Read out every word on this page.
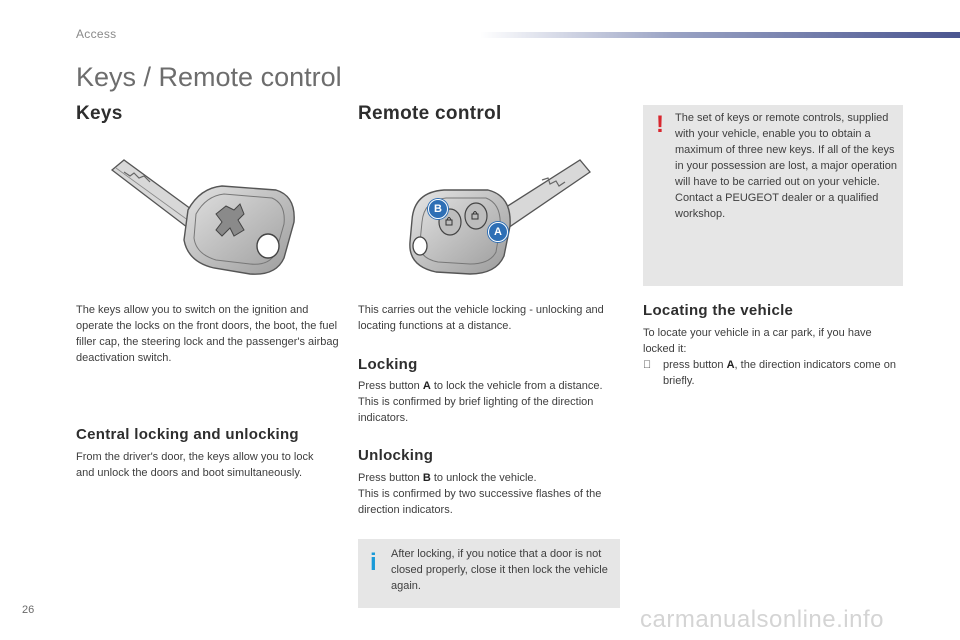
Access
Keys / Remote control
Keys
The keys allow you to switch on the ignition and operate the locks on the front doors, the boot, the fuel filler cap, the steering lock and the passenger's airbag deactivation switch.
Central locking and unlocking
From the driver's door, the keys allow you to lock and unlock the doors and boot simultaneously.
Remote control
B
A
This carries out the vehicle locking - unlocking and locating functions at a distance.
Locking
Press button A to lock the vehicle from a distance. This is confirmed by brief lighting of the direction indicators.
Unlocking
Press button B to unlock the vehicle.
This is confirmed by two successive flashes of the direction indicators.
i After locking, if you notice that a door is not closed properly, close it then lock the vehicle again.
! The set of keys or remote controls, supplied with your vehicle, enable you to obtain a maximum of three new keys. If all of the keys in your possession are lost, a major operation will have to be carried out on your vehicle.
Contact a PEUGEOT dealer or a qualified workshop.
Locating the vehicle
To locate your vehicle in a car park, if you have locked it:
press button A, the direction indicators come on briefly.
26	carmanualsonline.info
